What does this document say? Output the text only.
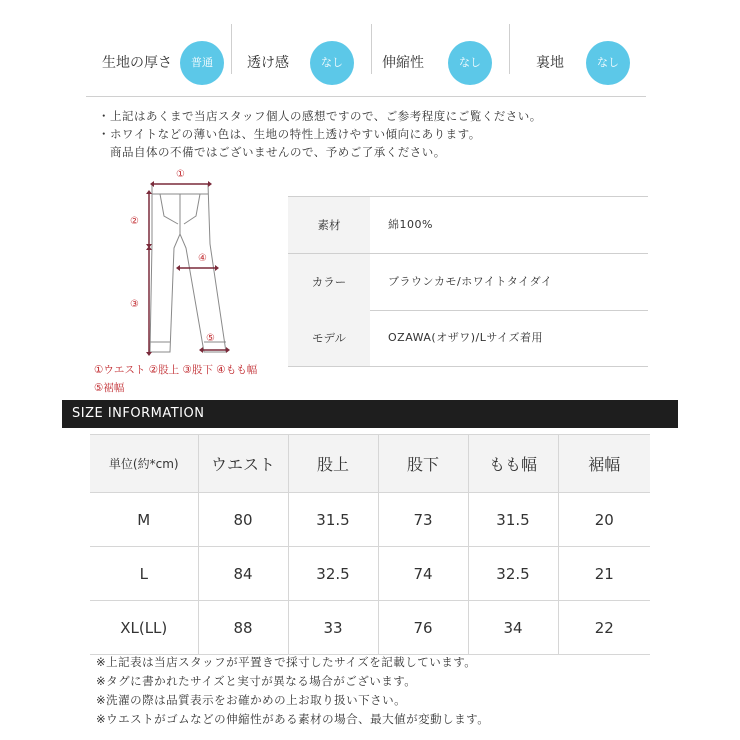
生地の厚さ	普通	透け感	なし	伸縮性	なし	裏地	なし
・上記はあくまで当店スタッフ個人の感想ですので、ご参考程度にご覧ください。
・ホワイトなどの薄い色は、生地の特性上透けやすい傾向にあります。
　商品自体の不備ではございませんので、予めご了承ください。
①
②
③
④
⑤
①ウエスト ②股上 ③股下 ④もも幅
⑤裾幅
素材	綿100%
カラー	ブラウンカモ/ホワイトタイダイ
モデル	OZAWA(オザワ)/Lサイズ着用
SIZE INFORMATION
単位(約*cm)	ウエスト	股上	股下	もも幅	裾幅
M	80	31.5	73	31.5	20
L	84	32.5	74	32.5	21
XL(LL)	88	33	76	34	22
※上記表は当店スタッフが平置きで採寸したサイズを記載しています。
※タグに書かれたサイズと実寸が異なる場合がございます。
※洗濯の際は品質表示をお確かめの上お取り扱い下さい。
※ウエストがゴムなどの伸縮性がある素材の場合、最大値が変動します。
